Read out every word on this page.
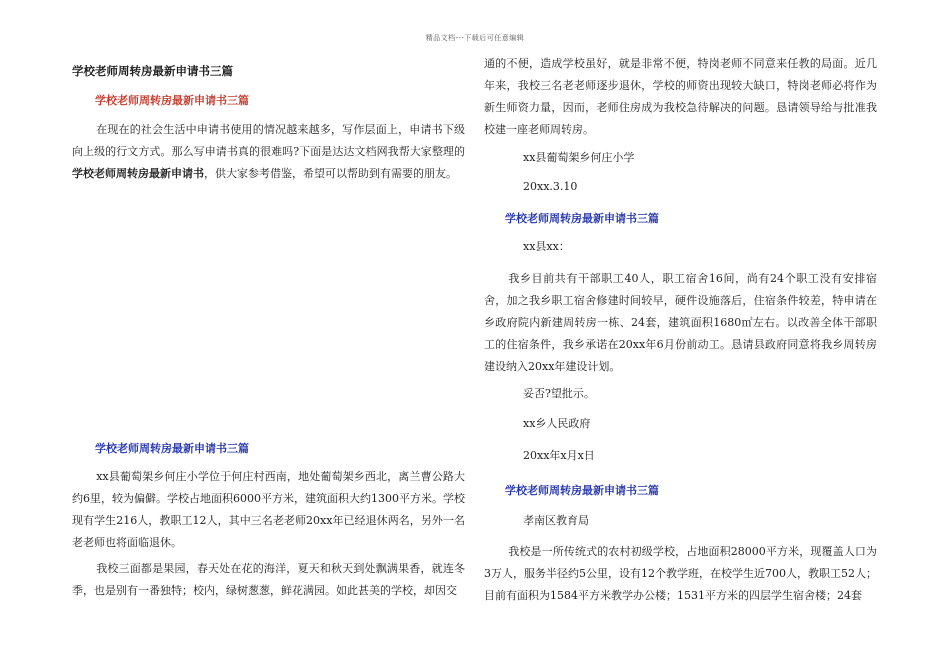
精品文档---下载后可任意编辑
学校老师周转房最新申请书三篇
学校老师周转房最新申请书三篇
在现在的社会生活中申请书使用的情况越来越多，写作层面上，申请书下级向上级的行文方式。那么写申请书真的很难吗?下面是达达文档网我帮大家整理的学校老师周转房最新申请书，供大家参考借鉴，希望可以帮助到有需要的朋友。
学校老师周转房最新申请书三篇
xx县葡萄架乡何庄小学位于何庄村西南，地处葡萄架乡西北，离兰曹公路大约6里，较为偏僻。学校占地面积6000平方米，建筑面积大约1300平方米。学校现有学生216人，教职工12人，其中三名老老师20xx年已经退休两名，另外一名老老师也将面临退休。
我校三面都是果园，春天处在花的海洋，夏天和秋天到处飘满果香，就连冬季，也是别有一番独特；校内，绿树葱葱，鲜花满园。如此甚美的学校，却因交
通的不便，造成学校虽好，就是非常不便，特岗老师不同意来任教的局面。近几年来，我校三名老老师逐步退休，学校的师资出现较大缺口，特岗老师必将作为新生师资力量，因而，老师住房成为我校急待解决的问题。恳请领导给与批准我校建一座老师周转房。
xx县葡萄架乡何庄小学
20xx.3.10
学校老师周转房最新申请书三篇
xx县xx：
我乡目前共有干部职工40人，职工宿舍16间，尚有24个职工没有安排宿舍，加之我乡职工宿舍修建时间较早，硬件设施落后，住宿条件较差，特申请在乡政府院内新建周转房一栋、24套，建筑面积1680㎡左右。以改善全体干部职工的住宿条件，我乡承诺在20xx年6月份前动工。恳请县政府同意将我乡周转房建设纳入20xx年建设计划。
妥否?望批示。
xx乡人民政府
20xx年x月x日
学校老师周转房最新申请书三篇
孝南区教育局
我校是一所传统式的农村初级学校，占地面积28000平方米，现覆盖人口为3万人，服务半径约5公里，设有12个教学班，在校学生近700人，教职工52人；目前有面积为1584平方米教学办公楼；1531平方米的四层学生宿舍楼；24套
